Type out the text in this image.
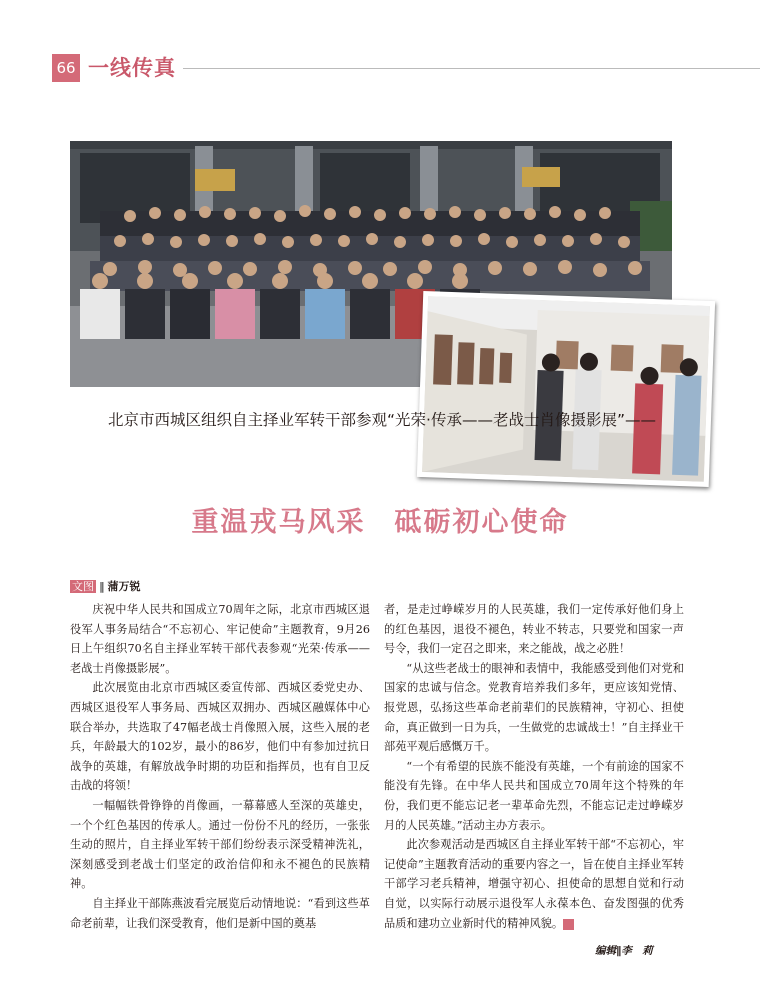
66 一线传真
北京市西城区组织自主择业军转干部参观“光荣·传承——老战士肖像摄影展”——
重温戎马风采　砥砺初心使命
文图 ‖ 蒲万锐

庆祝中华人民共和国成立70周年之际，北京市西城区退役军人事务局结合“不忘初心、牢记使命”主题教育，9月26日上午组织70名自主择业军转干部代表参观“光荣·传承——老战士肖像摄影展”。

此次展览由北京市西城区委宣传部、西城区委党史办、西城区退役军人事务局、西城区双拥办、西城区融媒体中心联合举办，共选取了47幅老战士肖像照入展，这些入展的老兵，年龄最大的102岁，最小的86岁，他们中有参加过抗日战争的英雄，有解放战争时期的功臣和指挥员，也有自卫反击战的将领！

一幅幅铁骨铮铮的肖像画，一幕幕感人至深的英雄史，一个个红色基因的传承人。通过一份份不凡的经历，一张张生动的照片，自主择业军转干部们纷纷表示深受精神洗礼，深刻感受到老战士们坚定的政治信仰和永不褪色的民族精神。

自主择业干部陈燕波看完展览后动情地说：“看到这些革命老前辈，让我们深受教育，他们是新中国的奠基

者，是走过峥嵘岁月的人民英雄，我们一定传承好他们身上的红色基因，退役不褪色，转业不转志，只要党和国家一声号令，我们一定召之即来，来之能战，战之必胜！

“从这些老战士的眼神和表情中，我能感受到他们对党和国家的忠诚与信念。党教育培养我们多年，更应该知党情、报党恩，弘扬这些革命老前辈们的民族精神，守初心、担使命，真正做到一日为兵，一生做党的忠诚战士！”自主择业干部苑平观后感慨万千。

“一个有希望的民族不能没有英雄，一个有前途的国家不能没有先锋。在中华人民共和国成立70周年这个特殊的年份，我们更不能忘记老一辈革命先烈，不能忘记走过峥嵘岁月的人民英雄。”活动主办方表示。

此次参观活动是西城区自主择业军转干部“不忘初心，牢记使命”主题教育活动的重要内容之一，旨在使自主择业军转干部学习老兵精神，增强守初心、担使命的思想自觉和行动自觉，以实际行动展示退役军人永葆本色、奋发图强的优秀品质和建功立业新时代的精神风貌。 G

编辑∥李　莉
